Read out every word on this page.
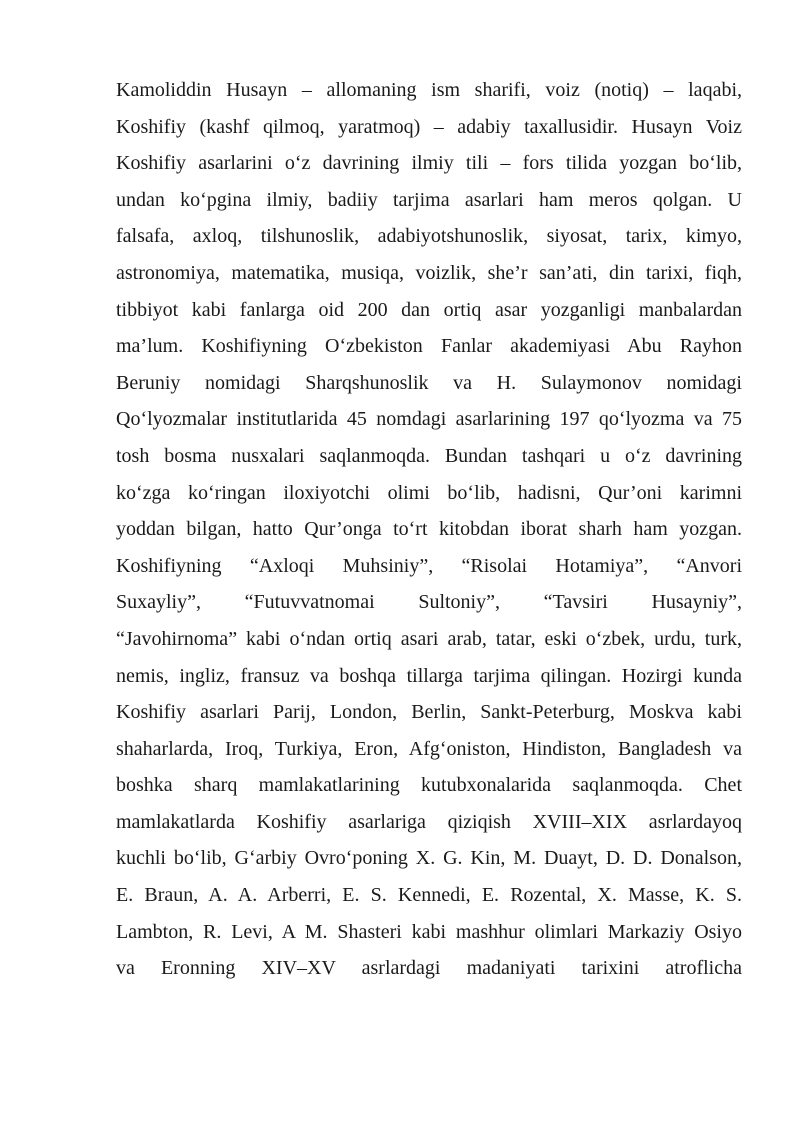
Kamoliddin Husayn – allomaning ism sharifi, voiz (notiq) – laqabi,
Koshifiy (kashf qilmoq, yaratmoq) – adabiy taxallusidir. Husayn Voiz
Koshifiy asarlarini o‘z davrining ilmiy tili – fors tilida yozgan bo‘lib,
undan ko‘pgina ilmiy, badiiy tarjima asarlari ham meros qolgan. U
falsafa, axloq, tilshunoslik, adabiyotshunoslik, siyosat, tarix, kimyo,
astronomiya, matematika, musiqa, voizlik, she’r san’ati, din tarixi, fiqh,
tibbiyot kabi fanlarga oid 200 dan ortiq asar yozganligi manbalardan
ma’lum. Koshifiyning O‘zbekiston Fanlar akademiyasi Abu Rayhon
Beruniy nomidagi Sharqshunoslik va H. Sulaymonov nomidagi
Qo‘lyozmalar institutlarida 45 nomdagi asarlarining 197 qo‘lyozma va 75
tosh bosma nusxalari saqlanmoqda. Bundan tashqari u o‘z davrining
ko‘zga ko‘ringan iloxiyotchi olimi bo‘lib, hadisni, Qur’oni karimni
yoddan bilgan, hatto Qur’onga to‘rt kitobdan iborat sharh ham yozgan.
Koshifiyning “Axloqi Muhsiniy”, “Risolai Hotamiya”, “Anvori
Suxayliy”, “Futuvvatnomai Sultoniy”, “Tavsiri Husayniy”,
“Javohirnoma” kabi o‘ndan ortiq asari arab, tatar, eski o‘zbek, urdu, turk,
nemis, ingliz, fransuz va boshqa tillarga tarjima qilingan. Hozirgi kunda
Koshifiy asarlari Parij, London, Berlin, Sankt-Peterburg, Moskva kabi
shaharlarda, Iroq, Turkiya, Eron, Afg‘oniston, Hindiston, Bangladesh va
boshka sharq mamlakatlarining kutubxonalarida saqlanmoqda. Chet
mamlakatlarda Koshifiy asarlariga qiziqish XVIII–XIX asrlardayoq
kuchli bo‘lib, G‘arbiy Ovro‘poning X. G. Kin, M. Duayt, D. D. Donalson,
E. Braun, A. A. Arberri, E. S. Kennedi, E. Rozental, X. Masse, K. S.
Lambton, R. Levi, A M. Shasteri kabi mashhur olimlari Markaziy Osiyo
va Eronning XIV–XV asrlardagi madaniyati tarixini atroflicha
